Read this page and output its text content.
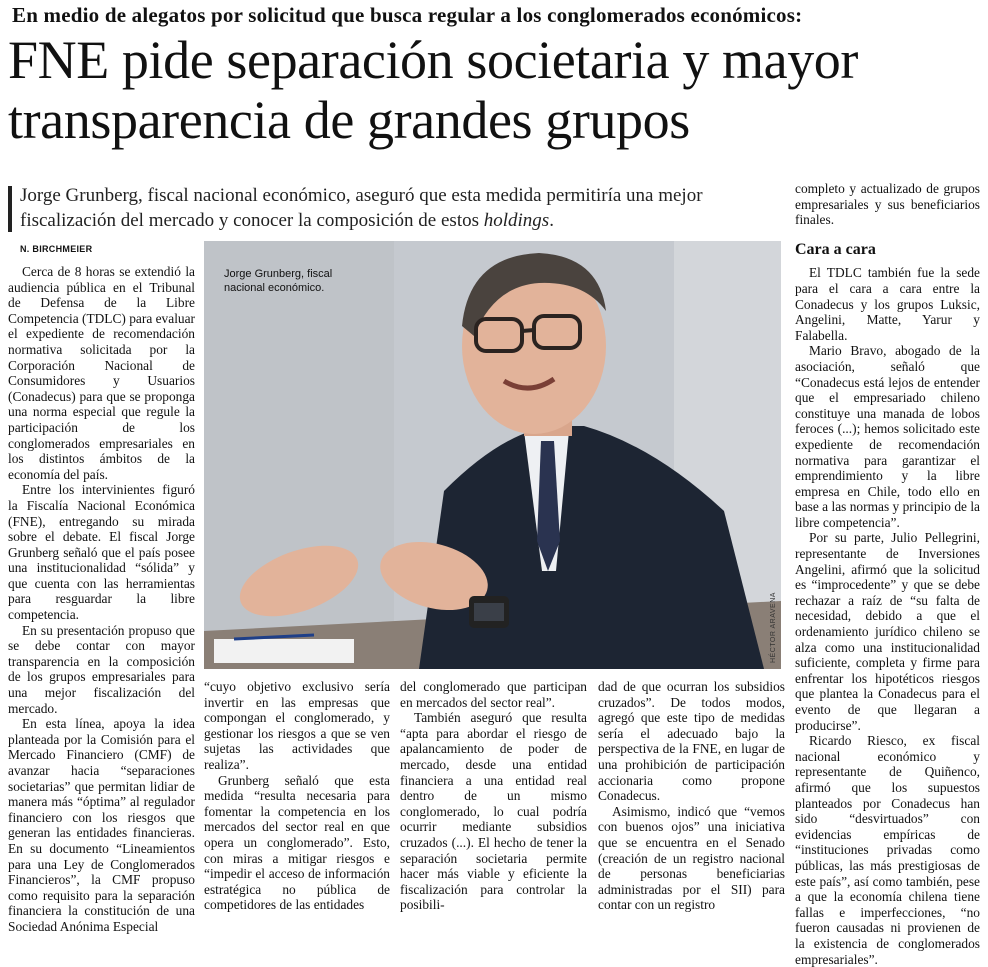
En medio de alegatos por solicitud que busca regular a los conglomerados económicos:
FNE pide separación societaria y mayor
transparencia de grandes grupos
Jorge Grunberg, fiscal nacional económico, aseguró que esta medida permitiría una mejor fiscalización del mercado y conocer la composición de estos holdings.
N. BIRCHMEIER

Cerca de 8 horas se extendió la audiencia pública en el Tribunal de Defensa de la Libre Competencia (TDLC) para evaluar el expediente de recomendación normativa solicitada por la Corporación Nacional de Consumidores y Usuarios (Conadecus) para que se proponga una norma especial que regule la participación de los conglomerados empresariales en los distintos ámbitos de la economía del país.

Entre los intervinientes figuró la Fiscalía Nacional Económica (FNE), entregando su mirada sobre el debate. El fiscal Jorge Grunberg señaló que el país posee una institucionalidad “sólida” y que cuenta con las herramientas para resguardar la libre competencia.

En su presentación propuso que se debe contar con mayor transparencia en la composición de los grupos empresariales para una mejor fiscalización del mercado.

En esta línea, apoya la idea planteada por la Comisión para el Mercado Financiero (CMF) de avanzar hacia “separaciones societarias” que permitan lidiar de manera más “óptima” al regulador financiero con los riesgos que generan las entidades financieras. En su documento “Lineamientos para una Ley de Conglomerados Financieros”, la CMF propuso como requisito para la separación financiera la constitución de una Sociedad Anónima Especial

Jorge Grunberg, fiscal nacional económico.
HÉCTOR ARAVENA

“cuyo objetivo exclusivo sería invertir en las empresas que compongan el conglomerado, y gestionar los riesgos a que se ven sujetas las actividades que realiza”.

Grunberg señaló que esta medida “resulta necesaria para fomentar la competencia en los mercados del sector real en que opera un conglomerado”. Esto, con miras a mitigar riesgos e “impedir el acceso de información estratégica no pública de competidores de las entidades

del conglomerado que participan en mercados del sector real”.

También aseguró que resulta “apta para abordar el riesgo de apalancamiento de poder de mercado, desde una entidad financiera a una entidad real dentro de un mismo conglomerado, lo cual podría ocurrir mediante subsidios cruzados (...). El hecho de tener la separación societaria permite hacer más viable y eficiente la fiscalización para controlar la posibili-

dad de que ocurran los subsidios cruzados”. De todos modos, agregó que este tipo de medidas sería el adecuado bajo la perspectiva de la FNE, en lugar de una prohibición de participación accionaria como propone Conadecus.

Asimismo, indicó que “vemos con buenos ojos” una iniciativa que se encuentra en el Senado (creación de un registro nacional de personas beneficiarias administradas por el SII) para contar con un registro

completo y actualizado de grupos empresariales y sus beneficiarios finales.

Cara a cara

El TDLC también fue la sede para el cara a cara entre la Conadecus y los grupos Luksic, Angelini, Matte, Yarur y Falabella.

Mario Bravo, abogado de la asociación, señaló que “Conadecus está lejos de entender que el empresariado chileno constituye una manada de lobos feroces (...); hemos solicitado este expediente de recomendación normativa para garantizar el emprendimiento y la libre empresa en Chile, todo ello en base a las normas y principio de la libre competencia”.

Por su parte, Julio Pellegrini, representante de Inversiones Angelini, afirmó que la solicitud es “improcedente” y que se debe rechazar a raíz de “su falta de necesidad, debido a que el ordenamiento jurídico chileno se alza como una institucionalidad suficiente, completa y firme para enfrentar los hipotéticos riesgos que plantea la Conadecus para el evento de que llegaran a producirse”.

Ricardo Riesco, ex fiscal nacional económico y representante de Quiñenco, afirmó que los supuestos planteados por Conadecus han sido “desvirtuados” con evidencias empíricas de “instituciones privadas como públicas, las más prestigiosas de este país”, así como también, pese a que la economía chilena tiene fallas e imperfecciones, “no fueron causadas ni provienen de la existencia de conglomerados empresariales”.
